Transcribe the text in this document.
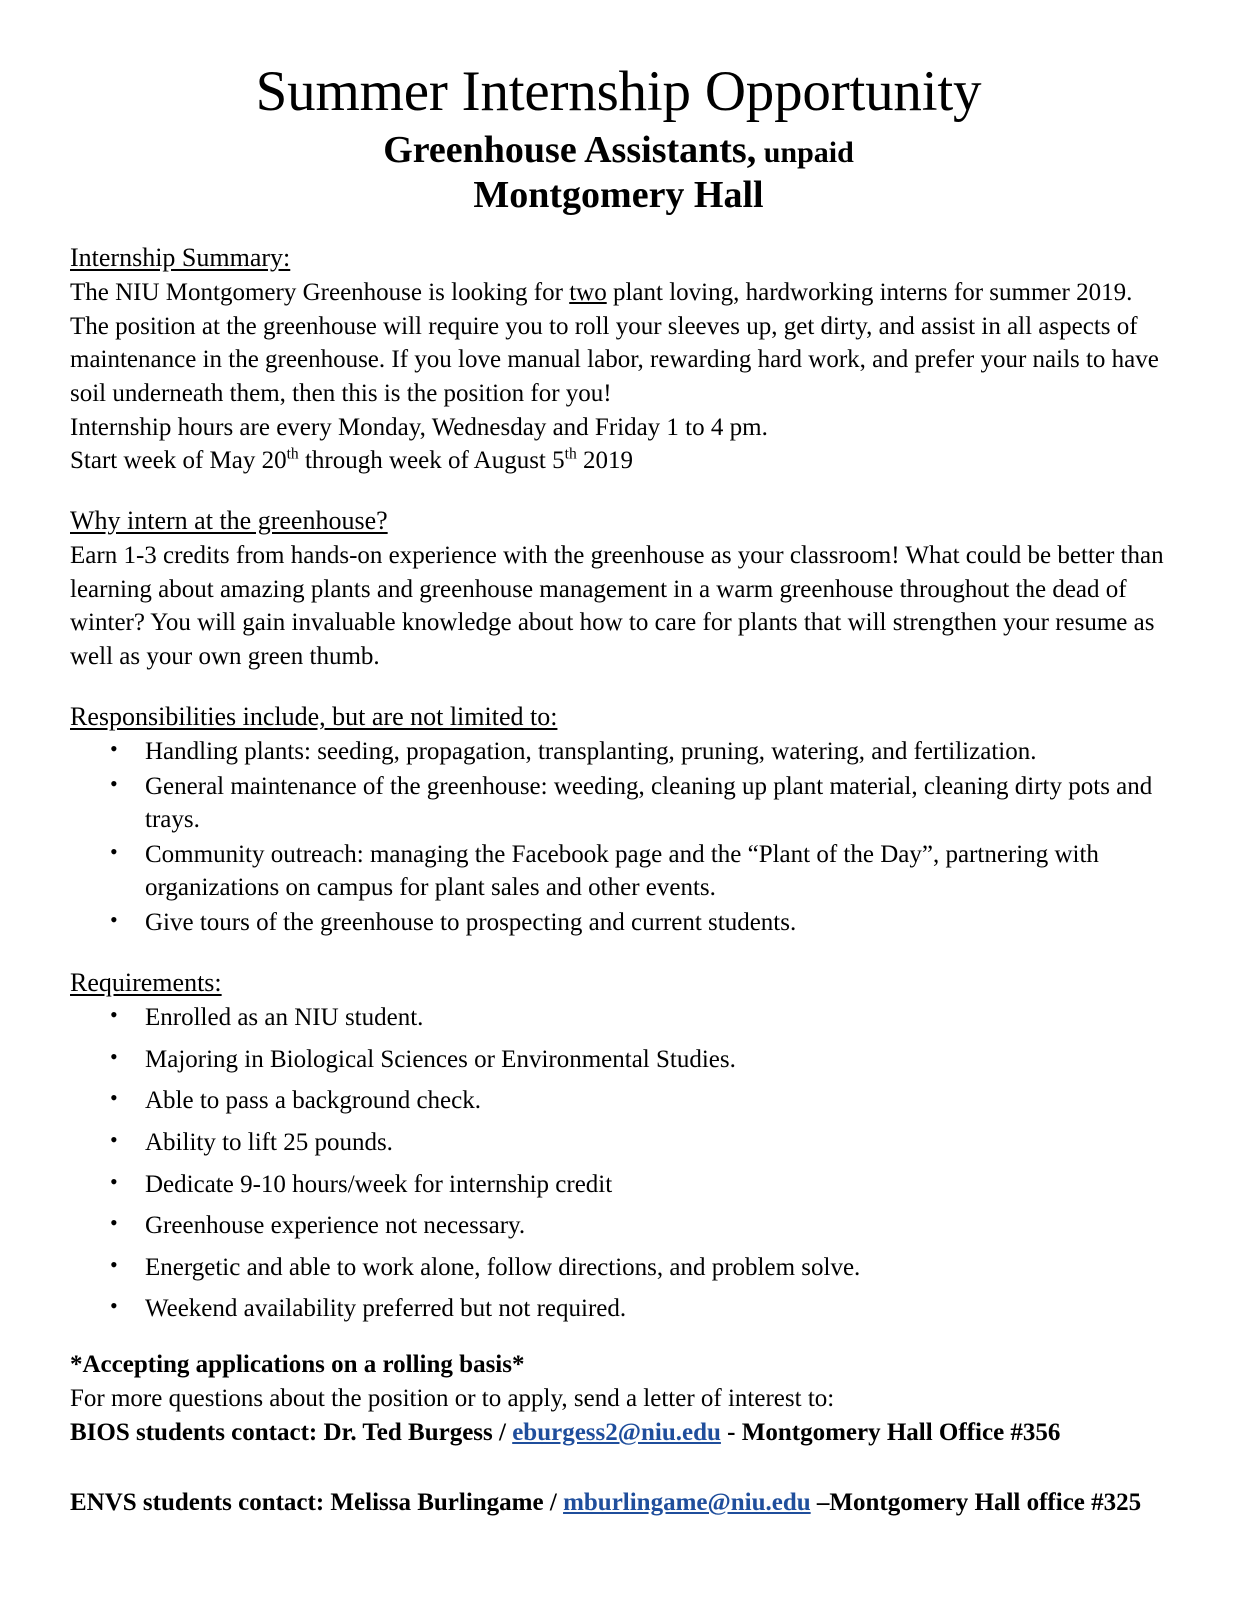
Summer Internship Opportunity
Greenhouse Assistants, unpaid
Montgomery Hall
Internship Summary:
The NIU Montgomery Greenhouse is looking for two plant loving, hardworking interns for summer 2019. The position at the greenhouse will require you to roll your sleeves up, get dirty, and assist in all aspects of maintenance in the greenhouse. If you love manual labor, rewarding hard work, and prefer your nails to have soil underneath them, then this is the position for you!
Internship hours are every Monday, Wednesday and Friday 1 to 4 pm.
Start week of May 20th through week of August 5th 2019
Why intern at the greenhouse?
Earn 1-3 credits from hands-on experience with the greenhouse as your classroom! What could be better than learning about amazing plants and greenhouse management in a warm greenhouse throughout the dead of winter? You will gain invaluable knowledge about how to care for plants that will strengthen your resume as well as your own green thumb.
Responsibilities include, but are not limited to:
• Handling plants: seeding, propagation, transplanting, pruning, watering, and fertilization.
• General maintenance of the greenhouse: weeding, cleaning up plant material, cleaning dirty pots and trays.
• Community outreach: managing the Facebook page and the “Plant of the Day”, partnering with organizations on campus for plant sales and other events.
• Give tours of the greenhouse to prospecting and current students.
Requirements:
• Enrolled as an NIU student.
• Majoring in Biological Sciences or Environmental Studies.
• Able to pass a background check.
• Ability to lift 25 pounds.
• Dedicate 9-10 hours/week for internship credit
• Greenhouse experience not necessary.
• Energetic and able to work alone, follow directions, and problem solve.
• Weekend availability preferred but not required.
*Accepting applications on a rolling basis*
For more questions about the position or to apply, send a letter of interest to:
BIOS students contact: Dr. Ted Burgess / eburgess2@niu.edu - Montgomery Hall Office #356
ENVS students contact: Melissa Burlingame / mburlingame@niu.edu –Montgomery Hall office #325
